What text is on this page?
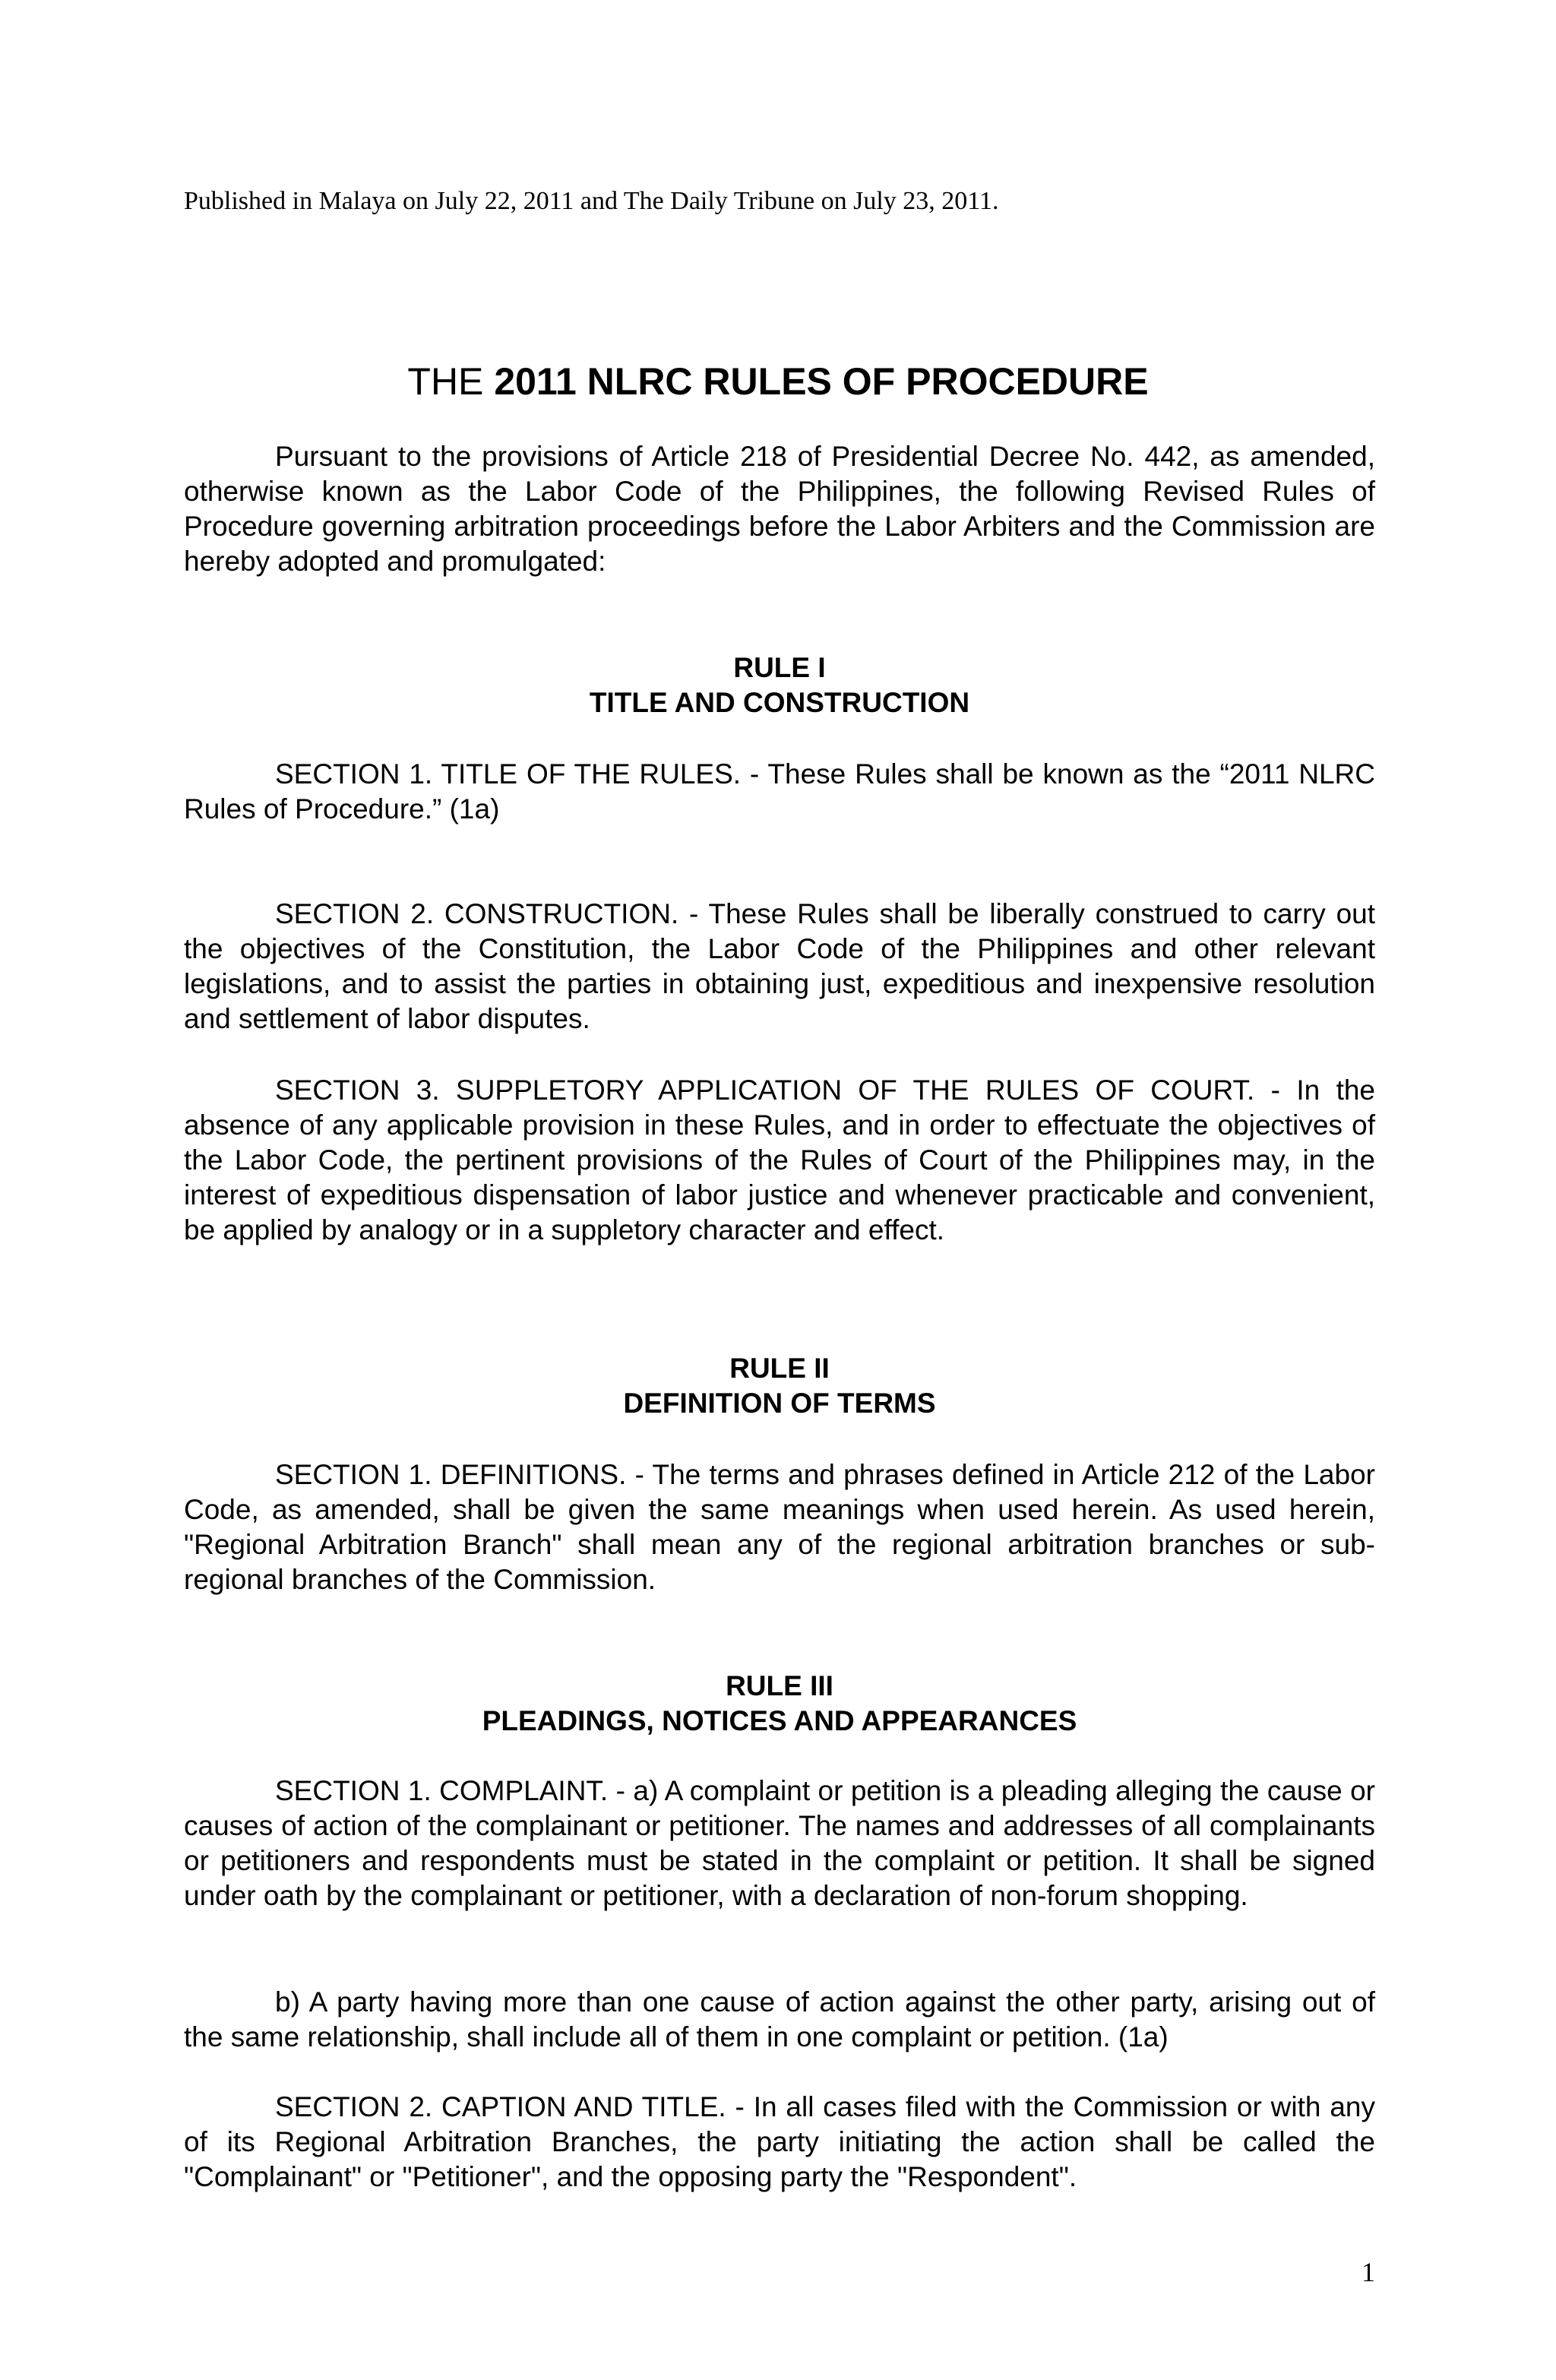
Published in Malaya on July 22, 2011 and The Daily Tribune on July 23, 2011.

THE 2011 NLRC RULES OF PROCEDURE

Pursuant to the provisions of Article 218 of Presidential Decree No. 442, as amended, otherwise known as the Labor Code of the Philippines, the following Revised Rules of Procedure governing arbitration proceedings before the Labor Arbiters and the Commission are hereby adopted and promulgated:

RULE I

TITLE AND CONSTRUCTION

SECTION 1. TITLE OF THE RULES. - These Rules shall be known as the “2011 NLRC Rules of Procedure.” (1a)

SECTION 2. CONSTRUCTION. - These Rules shall be liberally construed to carry out the objectives of the Constitution, the Labor Code of the Philippines and other relevant legislations, and to assist the parties in obtaining just, expeditious and inexpensive resolution and settlement of labor disputes.

SECTION 3. SUPPLETORY APPLICATION OF THE RULES OF COURT. - In the absence of any applicable provision in these Rules, and in order to effectuate the objectives of the Labor Code, the pertinent provisions of the Rules of Court of the Philippines may, in the interest of expeditious dispensation of labor justice and whenever practicable and convenient, be applied by analogy or in a suppletory character and effect.

RULE II

DEFINITION OF TERMS

SECTION 1. DEFINITIONS. - The terms and phrases defined in Article 212 of the Labor Code, as amended, shall be given the same meanings when used herein. As used herein, "Regional Arbitration Branch" shall mean any of the regional arbitration branches or sub-regional branches of the Commission.

RULE III

PLEADINGS, NOTICES AND APPEARANCES

SECTION 1. COMPLAINT. - a) A complaint or petition is a pleading alleging the cause or causes of action of the complainant or petitioner. The names and addresses of all complainants or petitioners and respondents must be stated in the complaint or petition. It shall be signed under oath by the complainant or petitioner, with a declaration of non-forum shopping.

b) A party having more than one cause of action against the other party, arising out of the same relationship, shall include all of them in one complaint or petition. (1a)

SECTION 2. CAPTION AND TITLE. - In all cases filed with the Commission or with any of its Regional Arbitration Branches, the party initiating the action shall be called the "Complainant" or "Petitioner", and the opposing party the "Respondent".

1
